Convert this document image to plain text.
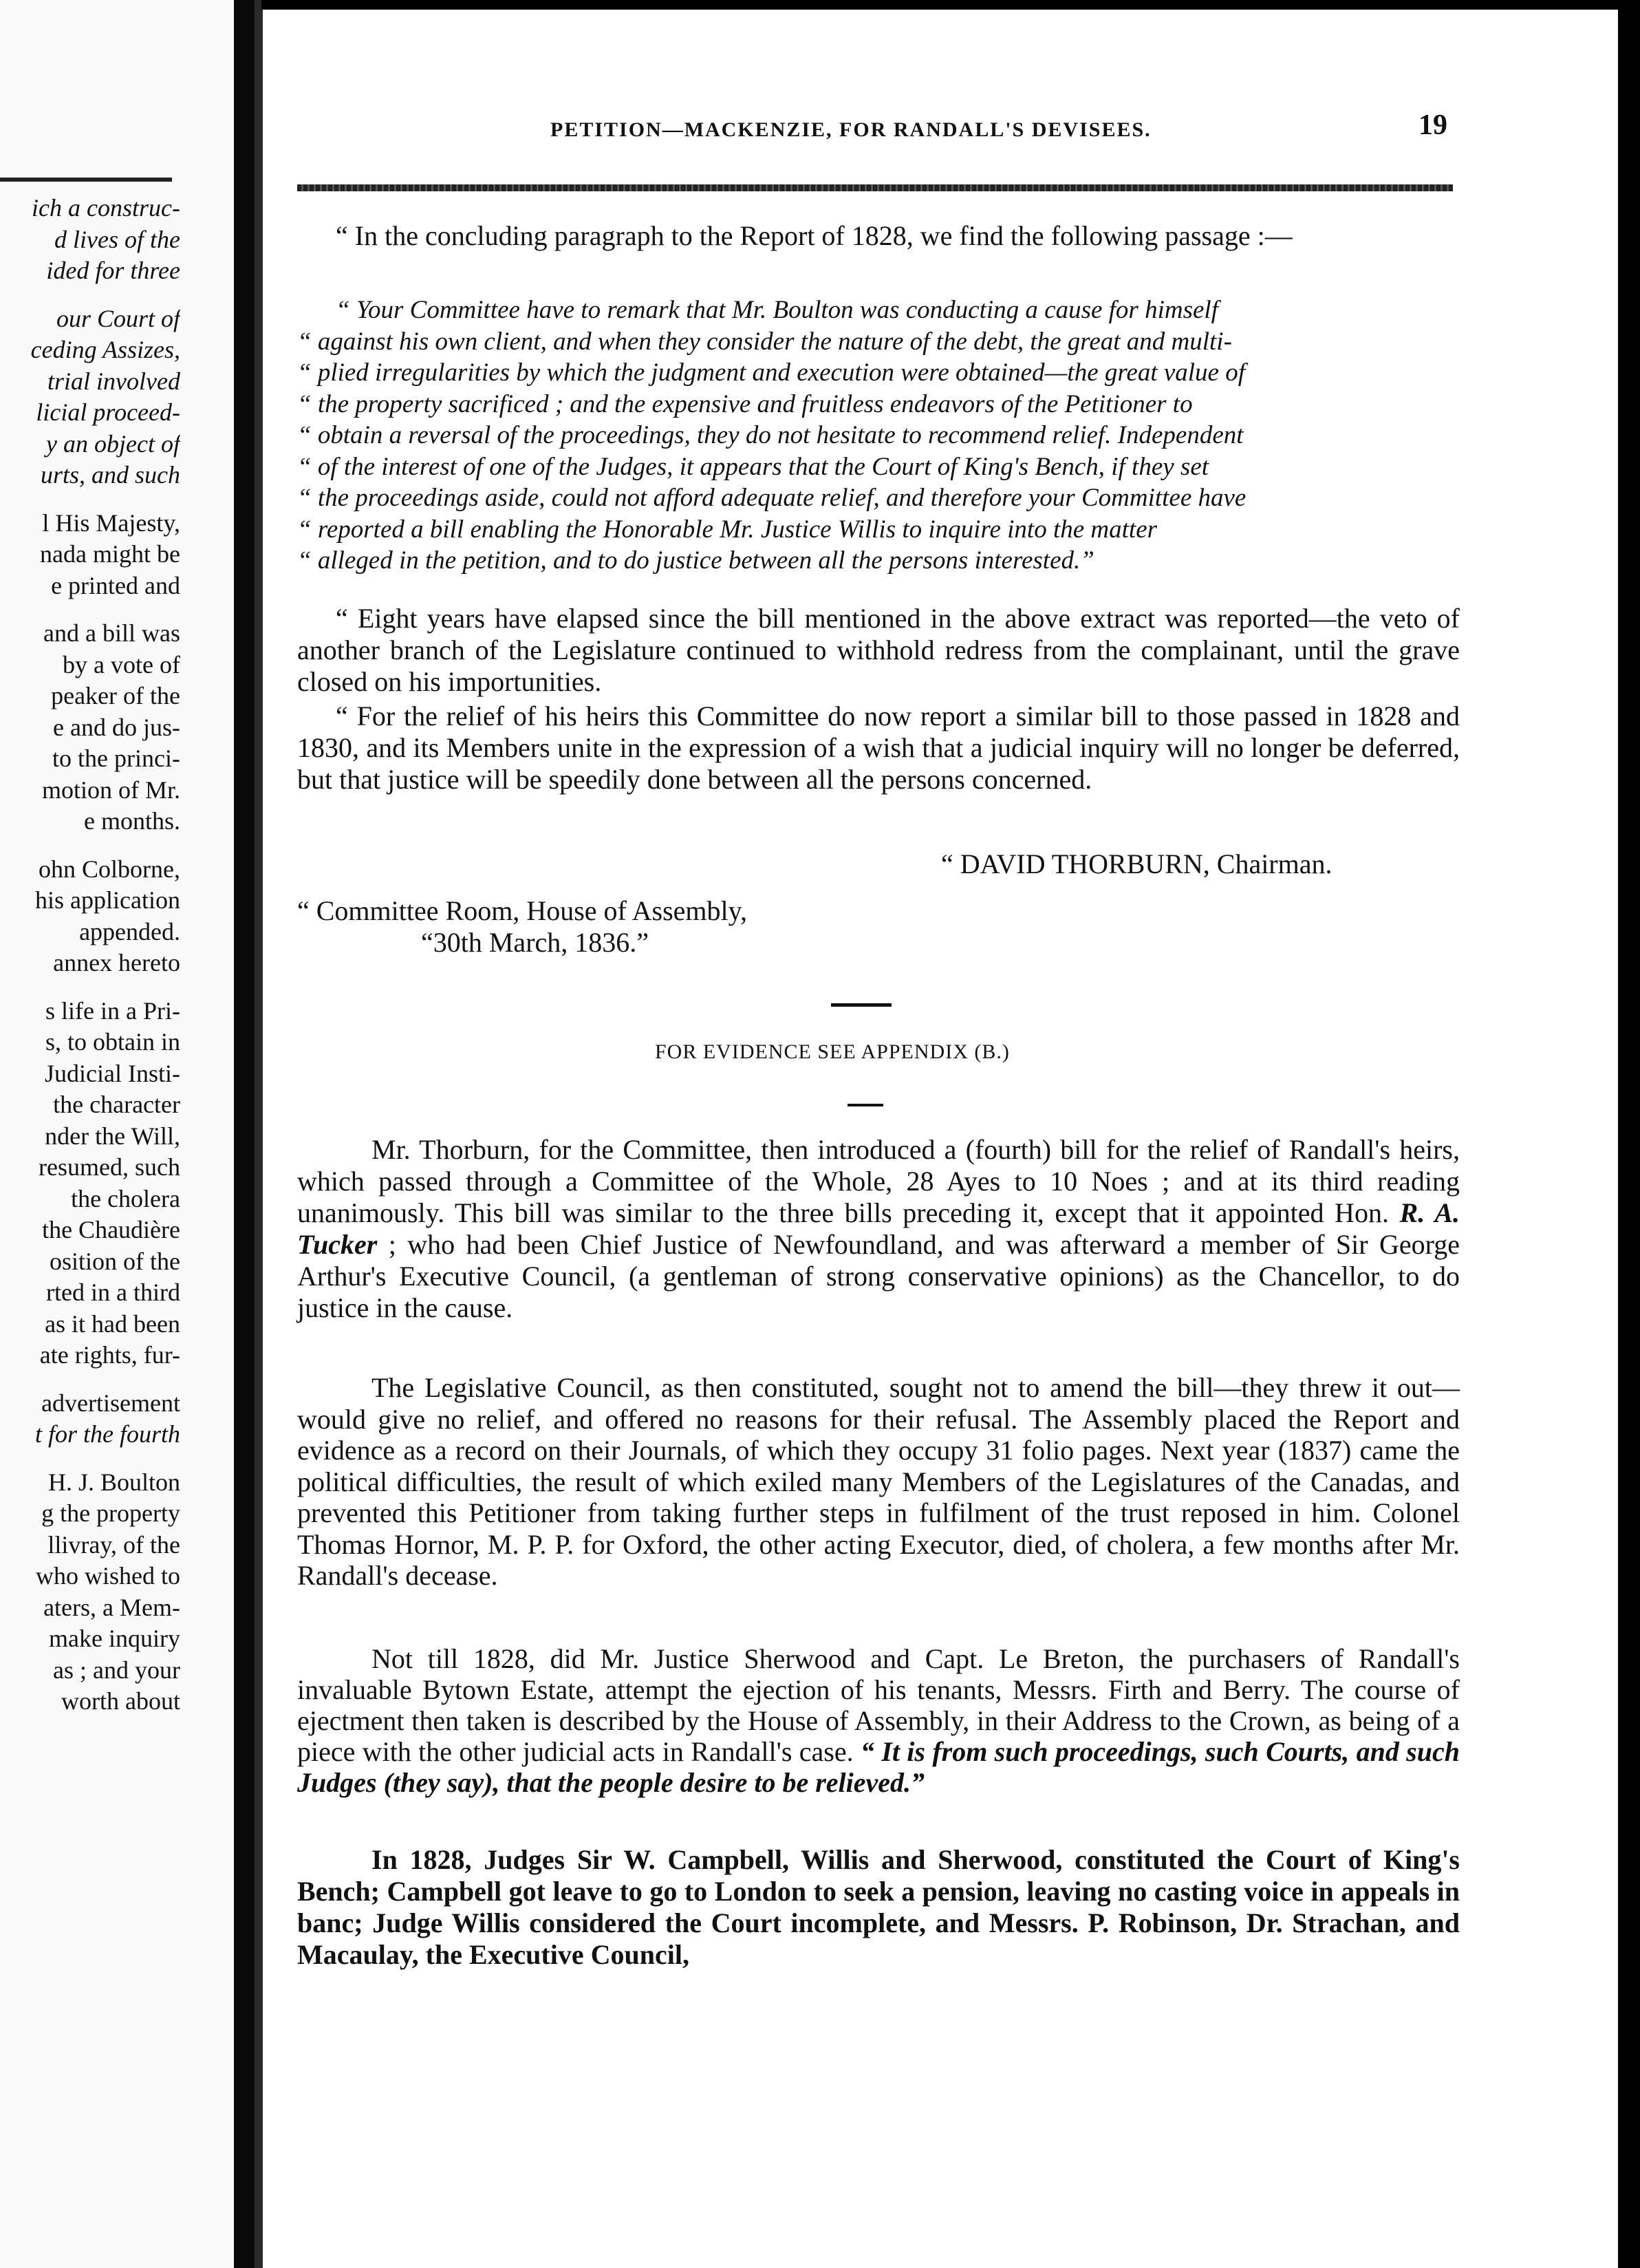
ich a construc-
d lives of the
ided for three
our Court of
ceding Assizes,
trial involved
licial proceed-
y an object of
urts, and such
l His Majesty,
nada might be
e printed and
and a bill was
by a vote of
peaker of the
e and do jus-
to the princi-
motion of Mr.
e months.
ohn Colborne,
his application
appended.
annex hereto
s life in a Pri-
s, to obtain in
Judicial Insti-
the character
nder the Will,
resumed, such
the cholera
the Chaudière
osition of the
rted in a third
as it had been
ate rights, fur-
advertisement
t for the fourth
H. J. Boulton
g the property
llivray, of the
who wished to
aters, a Mem-
make inquiry
as ; and your
worth about
PETITION—MACKENZIE, FOR RANDALL'S DEVISEES.	19
“ In the concluding paragraph to the Report of 1828, we find the following passage :—
“ Your Committee have to remark that Mr. Boulton was conducting a cause for himself
“ against his own client, and when they consider the nature of the debt, the great and multi-
“ plied irregularities by which the judgment and execution were obtained—the great value of
“ the property sacrificed ; and the expensive and fruitless endeavors of the Petitioner to
“ obtain a reversal of the proceedings, they do not hesitate to recommend relief. Independent
“ of the interest of one of the Judges, it appears that the Court of King's Bench, if they set
“ the proceedings aside, could not afford adequate relief, and therefore your Committee have
“ reported a bill enabling the Honorable Mr. Justice Willis to inquire into the matter
“ alleged in the petition, and to do justice between all the persons interested.”
“ Eight years have elapsed since the bill mentioned in the above extract was reported—the veto of another branch of the Legislature continued to withhold redress from the complainant, until the grave closed on his importunities.
“ For the relief of his heirs this Committee do now report a similar bill to those passed in 1828 and 1830, and its Members unite in the expression of a wish that a judicial inquiry will no longer be deferred, but that justice will be speedily done between all the persons concerned.
“ DAVID THORBURN, Chairman.
“ Committee Room, House of Assembly,
“30th March, 1836.”
FOR EVIDENCE SEE APPENDIX (B.)
Mr. Thorburn, for the Committee, then introduced a (fourth) bill for the relief of Randall's heirs, which passed through a Committee of the Whole, 28 Ayes to 10 Noes ; and at its third reading unanimously. This bill was similar to the three bills preceding it, except that it appointed Hon. R. A. Tucker ; who had been Chief Justice of Newfoundland, and was afterward a member of Sir George Arthur's Executive Council, (a gentleman of strong conservative opinions) as the Chancellor, to do justice in the cause.
The Legislative Council, as then constituted, sought not to amend the bill—they threw it out—would give no relief, and offered no reasons for their refusal. The Assembly placed the Report and evidence as a record on their Journals, of which they occupy 31 folio pages. Next year (1837) came the political difficulties, the result of which exiled many Members of the Legislatures of the Canadas, and prevented this Petitioner from taking further steps in fulfilment of the trust reposed in him. Colonel Thomas Hornor, M. P. P. for Oxford, the other acting Executor, died, of cholera, a few months after Mr. Randall's decease.
Not till 1828, did Mr. Justice Sherwood and Capt. Le Breton, the purchasers of Randall's invaluable Bytown Estate, attempt the ejection of his tenants, Messrs. Firth and Berry. The course of ejectment then taken is described by the House of Assembly, in their Address to the Crown, as being of a piece with the other judicial acts in Randall's case. “ It is from such proceedings, such Courts, and such Judges (they say), that the people desire to be relieved.”
In 1828, Judges Sir W. Campbell, Willis and Sherwood, constituted the Court of King's Bench; Campbell got leave to go to London to seek a pension, leaving no casting voice in appeals in banc; Judge Willis considered the Court incomplete, and Messrs. P. Robinson, Dr. Strachan, and Macaulay, the Executive Council,
